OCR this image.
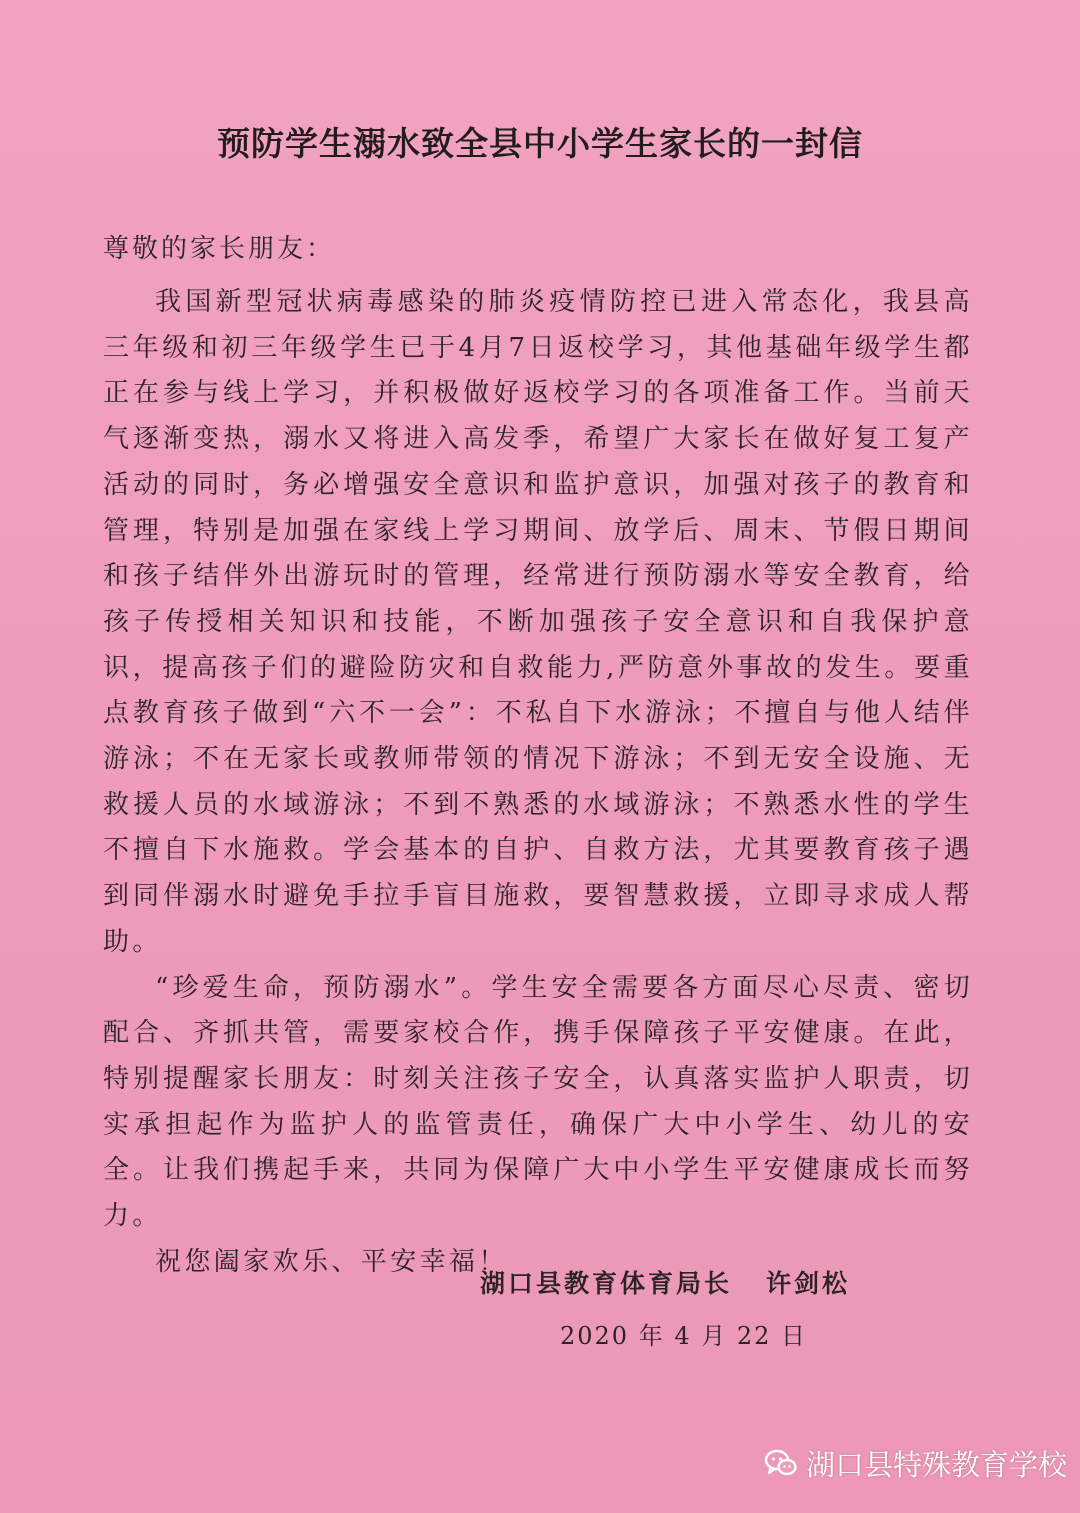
预防学生溺水致全县中小学生家长的一封信
尊敬的家长朋友：

我国新型冠状病毒感染的肺炎疫情防控已进入常态化，我县高三年级和初三年级学生已于4月7日返校学习，其他基础年级学生都正在参与线上学习，并积极做好返校学习的各项准备工作。当前天气逐渐变热，溺水又将进入高发季，希望广大家长在做好复工复产活动的同时，务必增强安全意识和监护意识，加强对孩子的教育和管理，特别是加强在家线上学习期间、放学后、周末、节假日期间和孩子结伴外出游玩时的管理，经常进行预防溺水等安全教育，给孩子传授相关知识和技能，不断加强孩子安全意识和自我保护意识，提高孩子们的避险防灾和自救能力,严防意外事故的发生。要重点教育孩子做到“六不一会”：不私自下水游泳；不擅自与他人结伴游泳；不在无家长或教师带领的情况下游泳；不到无安全设施、无救援人员的水域游泳；不到不熟悉的水域游泳；不熟悉水性的学生不擅自下水施救。学会基本的自护、自救方法，尤其要教育孩子遇到同伴溺水时避免手拉手盲目施救，要智慧救援，立即寻求成人帮助。

“珍爱生命，预防溺水”。学生安全需要各方面尽心尽责、密切配合、齐抓共管，需要家校合作，携手保障孩子平安健康。在此，特别提醒家长朋友：时刻关注孩子安全，认真落实监护人职责，切实承担起作为监护人的监管责任，确保广大中小学生、幼儿的安全。让我们携起手来，共同为保障广大中小学生平安健康成长而努力。

祝您阖家欢乐、平安幸福！

湖口县教育体育局长 许剑松
2020 年 4 月 22 日
湖口县特殊教育学校
